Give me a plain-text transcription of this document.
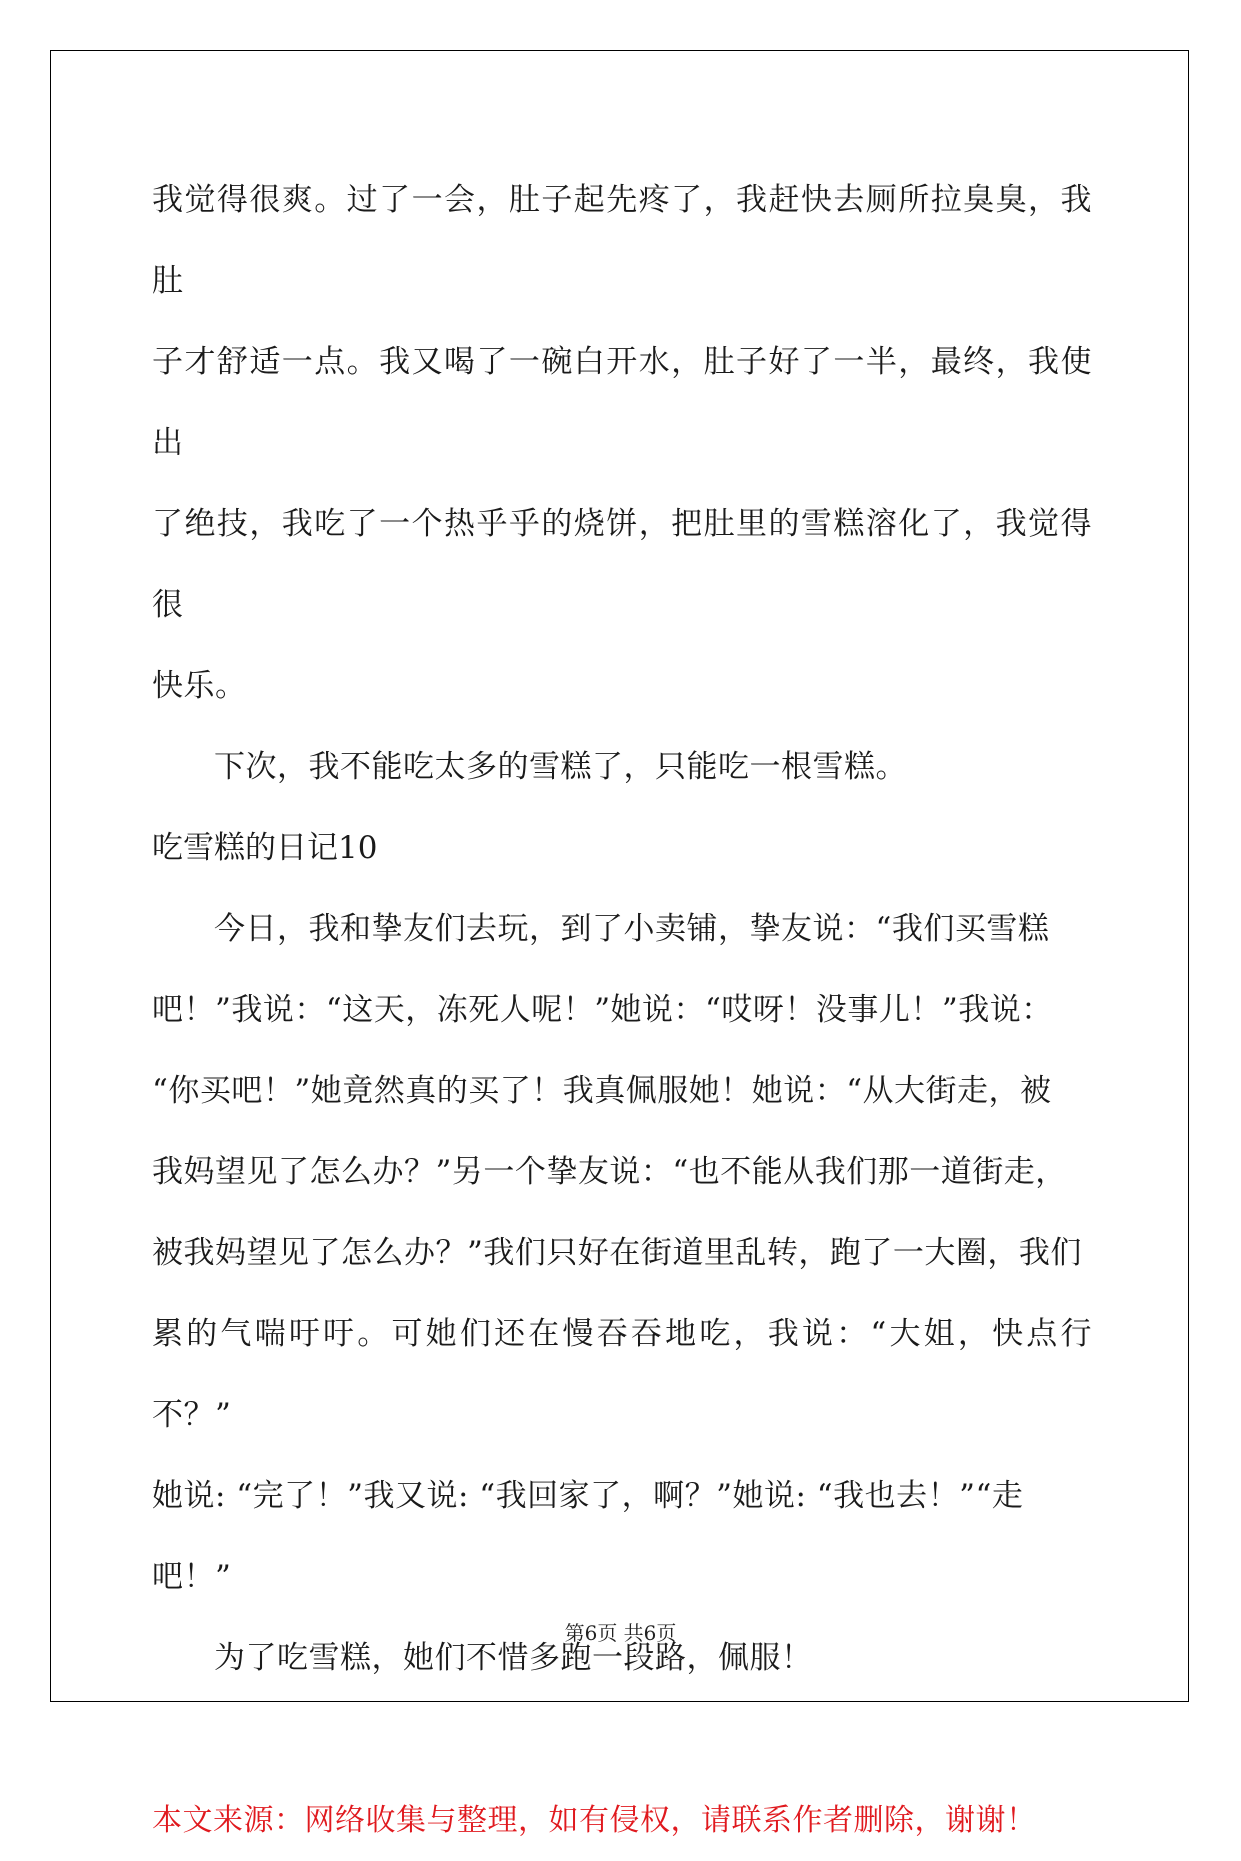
我觉得很爽。过了一会，肚子起先疼了，我赶快去厕所拉臭臭，我肚
子才舒适一点。我又喝了一碗白开水，肚子好了一半，最终，我使出
了绝技，我吃了一个热乎乎的烧饼，把肚里的雪糕溶化了，我觉得很
快乐。

下次，我不能吃太多的雪糕了，只能吃一根雪糕。

吃雪糕的日记10

今日，我和挚友们去玩，到了小卖铺，挚友说：“我们买雪糕
吧！”我说：“这天，冻死人呢！”她说：“哎呀！没事儿！”我说：
“你买吧！”她竟然真的买了！我真佩服她！她说：“从大街走，被
我妈望见了怎么办？”另一个挚友说：“也不能从我们那一道街走，
被我妈望见了怎么办？”我们只好在街道里乱转，跑了一大圈，我们
累的气喘吁吁。可她们还在慢吞吞地吃，我说：“大姐，快点行不？”
她说: “完了！”我又说: “我回家了，啊？”她说: “我也去！”“走
吧！”

为了吃雪糕，她们不惜多跑一段路，佩服！

本文来源：网络收集与整理，如有侵权，请联系作者删除，谢谢！

第6页 共6页
